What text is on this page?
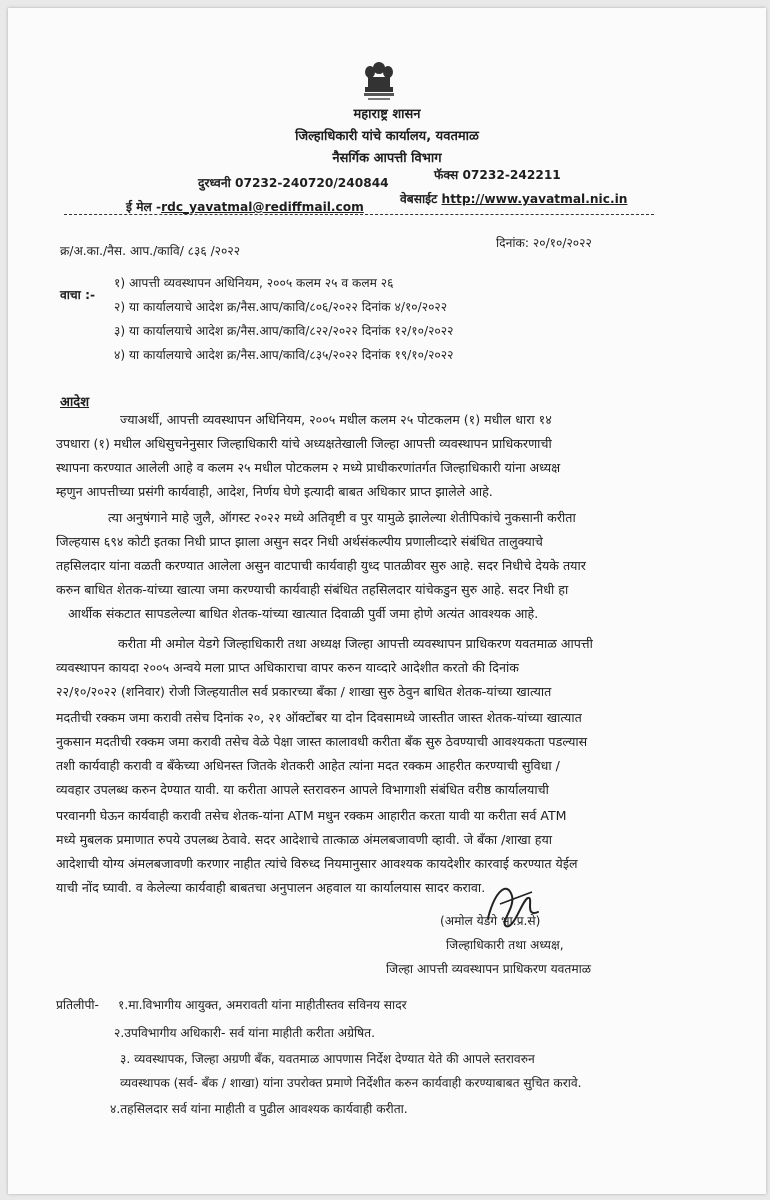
महाराष्ट्र शासन
जिल्हाधिकारी यांचे कार्यालय, यवतमाळ
नैसर्गिक आपत्ती विभाग
दुरध्वनी 07232-240720/240844
फॅक्स 07232-242211
ई मेल -rdc_yavatmal@rediffmail.com
वेबसाईट http://www.yavatmal.nic.in
क्र/अ.का./नैस. आप./कावि/ ८३६ /२०२२
दिनांक: २०/१०/२०२२
वाचा :-
१) आपत्ती व्यवस्थापन अधिनियम, २००५ कलम २५ व कलम २६
२) या कार्यालयाचे आदेश क्र/नैस.आप/कावि/८०६/२०२२ दिनांक ४/१०/२०२२
३) या कार्यालयाचे आदेश क्र/नैस.आप/कावि/८२२/२०२२ दिनांक १२/१०/२०२२
४) या कार्यालयाचे आदेश क्र/नैस.आप/कावि/८३५/२०२२ दिनांक १९/१०/२०२२
आदेश
ज्याअर्थी, आपत्ती व्यवस्थापन अधिनियम, २००५ मधील कलम २५ पोटकलम (१) मधील धारा १४
उपधारा (१) मधील अधिसुचनेनुसार जिल्हाधिकारी यांचे अध्यक्षतेखाली जिल्हा आपत्ती व्यवस्थापन प्राधिकरणाची
स्थापना करण्यात आलेली आहे व कलम २५ मधील पोटकलम २ मध्ये प्राधीकरणांतर्गत जिल्हाधिकारी यांना अध्यक्ष
म्हणुन आपत्तीच्या प्रसंगी कार्यवाही, आदेश, निर्णय घेणे इत्यादी बाबत अधिकार प्राप्त झालेले आहे.
त्या अनुषंगाने माहे जुलै, ऑगस्ट २०२२ मध्ये अतिवृष्टी व पुर यामुळे झालेल्या शेतीपिकांचे नुकसानी करीता
जिल्हयास ६९४ कोटी इतका निधी प्राप्त झाला असुन सदर निधी अर्थसंकल्पीय प्रणालीव्दारे संबंधित तालुक्याचे
तहसिलदार यांना वळती करण्यात आलेला असुन वाटपाची कार्यवाही युध्द पातळीवर सुरु आहे. सदर निधीचे देयके तयार
करुन बाधित शेतक-यांच्या खात्या जमा करण्याची कार्यवाही संबंधित तहसिलदार यांचेकडुन सुरु आहे. सदर निधी हा
आर्थीक संकटात सापडलेल्या बाधित शेतक-यांच्या खात्यात दिवाळी पुर्वी जमा होणे अत्यंत आवश्यक आहे.
करीता मी अमोल येडगे जिल्हाधिकारी तथा अध्यक्ष जिल्हा आपत्ती व्यवस्थापन प्राधिकरण यवतमाळ आपत्ती
व्यवस्थापन कायदा २००५ अन्वये मला प्राप्त अधिकाराचा वापर करुन याव्दारे आदेशीत करतो की दिनांक
२२/१०/२०२२ (शनिवार) रोजी जिल्हयातील सर्व प्रकारच्या बॅंका / शाखा सुरु ठेवुन बाधित शेतक-यांच्या खात्यात
मदतीची रक्कम जमा करावी तसेच दिनांक २०, २१ ऑक्टोंबर या दोन दिवसामध्ये जास्तीत जास्त शेतक-यांच्या खात्यात
नुकसान मदतीची रक्कम जमा करावी तसेच वेळे पेक्षा जास्त कालावधी करीता बॅंक सुरु ठेवण्याची आवश्यकता पडल्यास
तशी कार्यवाही करावी व बॅंकेच्या अधिनस्त जितके शेतकरी आहेत त्यांना मदत रक्कम आहरीत करण्याची सुविधा /
व्यवहार उपलब्ध करुन देण्यात यावी. या करीता आपले स्तरावरुन आपले विभागाशी संबंधित वरीष्ठ कार्यालयाची
परवानगी घेऊन कार्यवाही करावी तसेच शेतक-यांना ATM मधुन रक्कम आहारीत करता यावी या करीता सर्व ATM
मध्ये मुबलक प्रमाणात रुपये उपलब्ध ठेवावे. सदर आदेशाचे तात्काळ अंमलबजावणी व्हावी. जे बॅंका /शाखा हया
आदेशाची योग्य अंमलबजावणी करणार नाहीत त्यांचे विरुध्द नियमानुसार आवश्यक कायदेशीर कारवाई करण्यात येईल
याची नोंद घ्यावी. व केलेल्या कार्यवाही बाबतचा अनुपालन अहवाल या कार्यालयास सादर करावा.
(अमोल येडगे भा.प्र.से)
जिल्हाधिकारी तथा अध्यक्ष,
जिल्हा आपत्ती व्यवस्थापन प्राधिकरण यवतमाळ
प्रतिलीपी- १.मा.विभागीय आयुक्त, अमरावती यांना माहीतीस्तव सविनय सादर
२.उपविभागीय अधिकारी- सर्व यांना माहीती करीता अग्रेषित.
३. व्यवस्थापक, जिल्हा अग्रणी बॅंक, यवतमाळ आपणास निर्देश देण्यात येते की आपले स्तरावरुन
व्यवस्थापक (सर्व- बॅंक / शाखा) यांना उपरोक्त प्रमाणे निर्देशीत करुन कार्यवाही करण्याबाबत सुचित करावे.
४.तहसिलदार सर्व यांना माहीती व पुढील आवश्यक कार्यवाही करीता.
